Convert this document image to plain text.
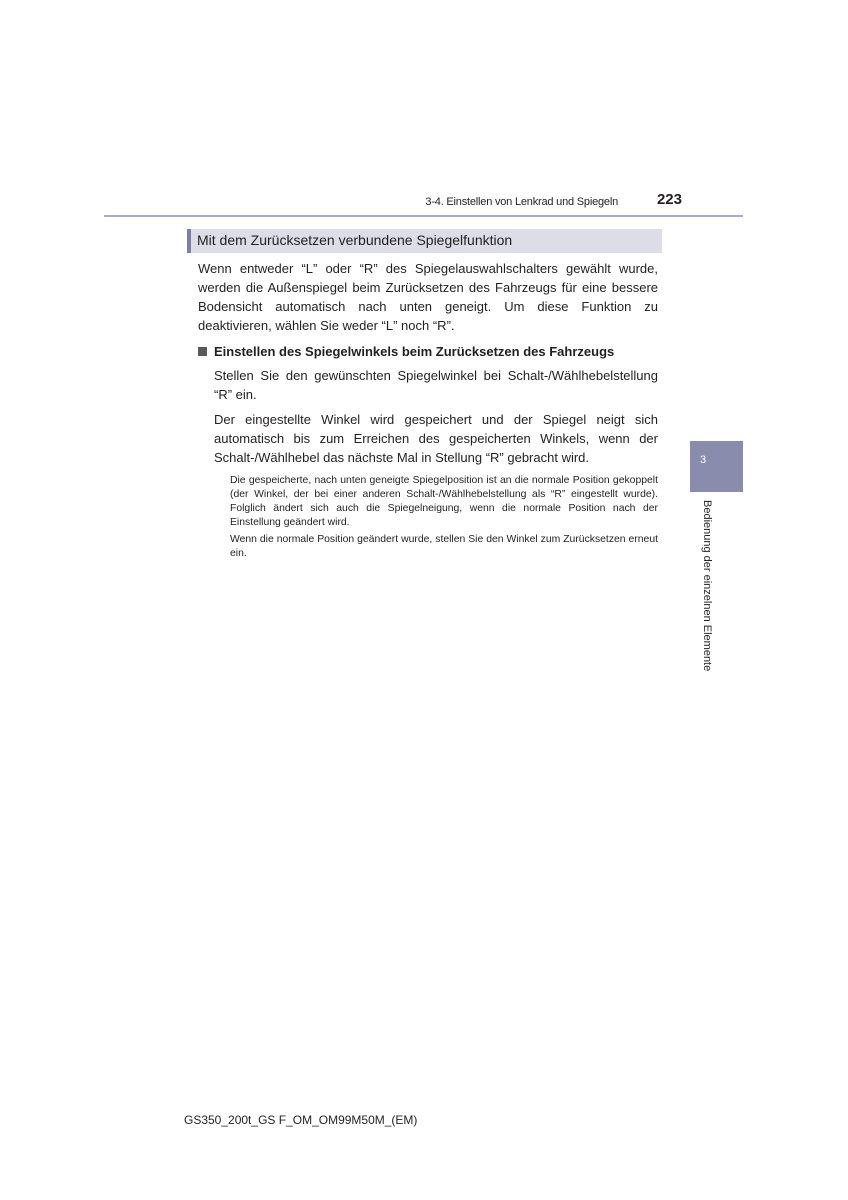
3-4. Einstellen von Lenkrad und Spiegeln	223
Mit dem Zurücksetzen verbundene Spiegelfunktion

Wenn entweder “L” oder “R” des Spiegelauswahlschalters gewählt wurde, werden die Außenspiegel beim Zurücksetzen des Fahrzeugs für eine bessere Bodensicht automatisch nach unten geneigt. Um diese Funktion zu deaktivieren, wählen Sie weder “L” noch “R”.

Einstellen des Spiegelwinkels beim Zurücksetzen des Fahrzeugs

Stellen Sie den gewünschten Spiegelwinkel bei Schalt-/Wählhebelstellung “R” ein.

Der eingestellte Winkel wird gespeichert und der Spiegel neigt sich automatisch bis zum Erreichen des gespeicherten Winkels, wenn der Schalt-/Wählhebel das nächste Mal in Stellung “R” gebracht wird.

Die gespeicherte, nach unten geneigte Spiegelposition ist an die normale Position gekoppelt (der Winkel, der bei einer anderen Schalt-/Wählhebelstellung als “R” eingestellt wurde). Folglich ändert sich auch die Spiegelneigung, wenn die normale Position nach der Einstellung geändert wird.

Wenn die normale Position geändert wurde, stellen Sie den Winkel zum Zurücksetzen erneut ein.

3
Bedienung der einzelnen Elemente
GS350_200t_GS F_OM_OM99M50M_(EM)
